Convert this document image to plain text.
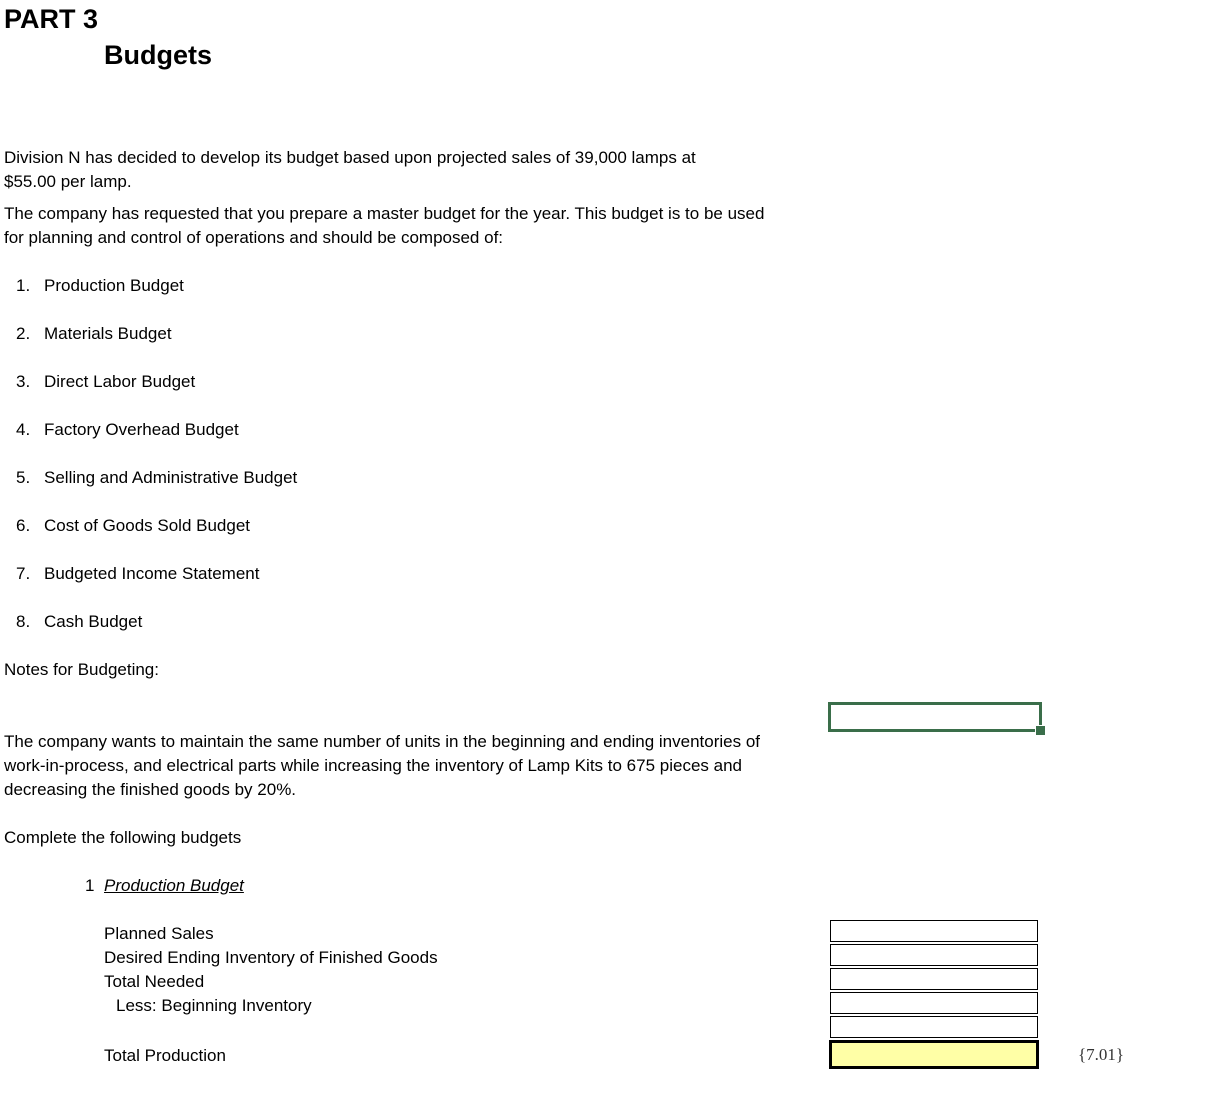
PART 3
Budgets
Division N has decided to develop its budget based upon projected sales of 39,000 lamps at
$55.00 per lamp.
The company has requested that you prepare a master budget for the year. This budget is to be used
for planning and control of operations and should be composed of:
1. Production Budget
2. Materials Budget
3. Direct Labor Budget
4. Factory Overhead Budget
5. Selling and Administrative Budget
6. Cost of Goods Sold Budget
7. Budgeted Income Statement
8. Cash Budget
Notes for Budgeting:
The company wants to maintain the same number of units in the beginning and ending inventories of
work-in-process, and electrical parts while increasing the inventory of Lamp Kits to 675 pieces and
decreasing the finished goods by 20%.
Complete the following budgets
1 Production Budget
Planned Sales
Desired Ending Inventory of Finished Goods
Total Needed
Less: Beginning Inventory
Total Production	{7.01}
